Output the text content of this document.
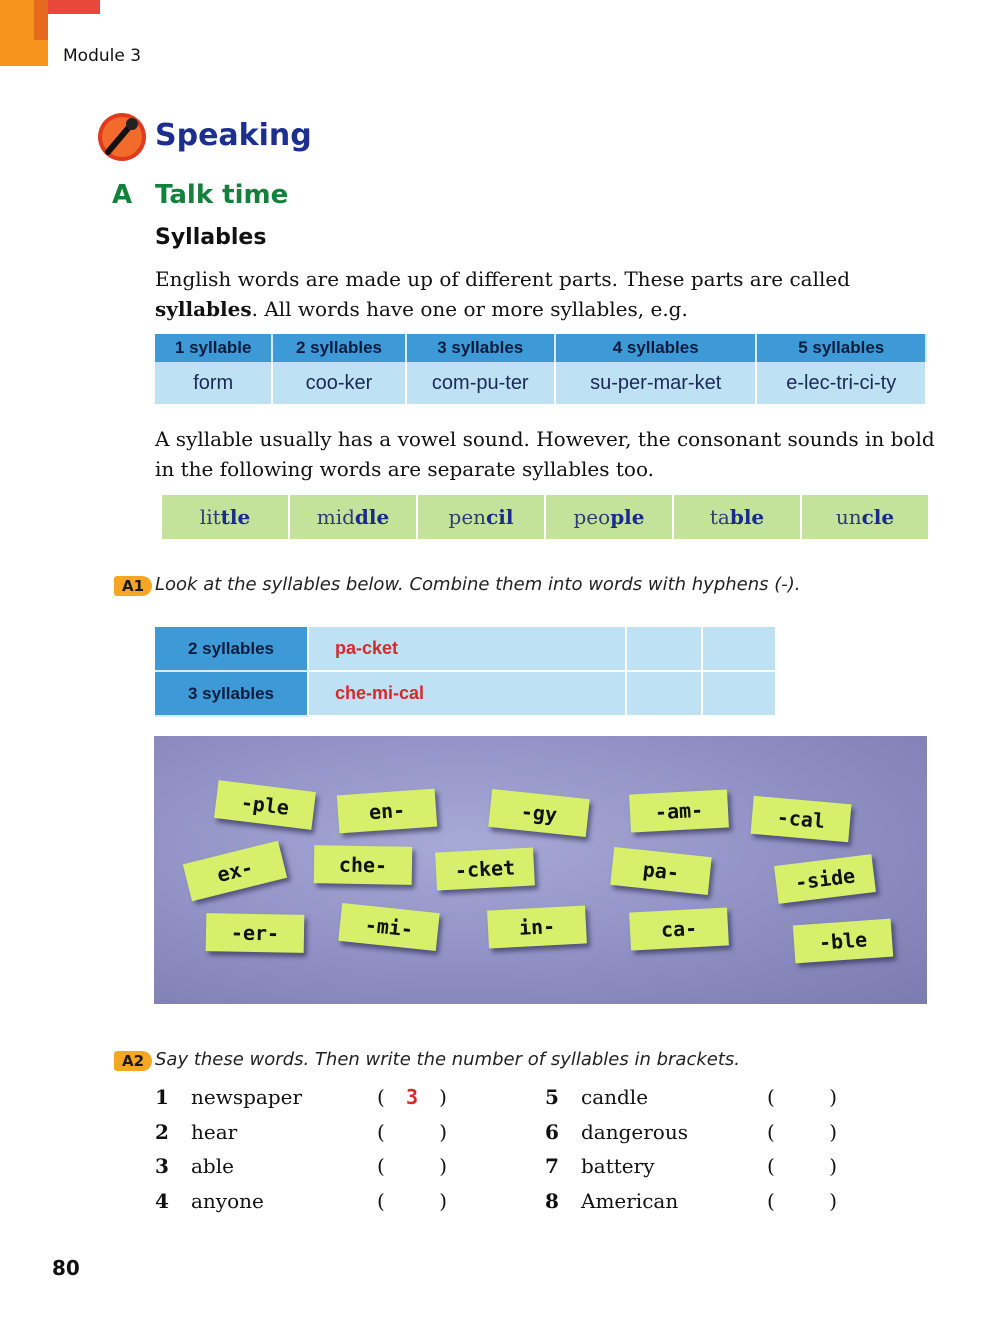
Module 3
Speaking
A Talk time
Syllables
English words are made up of different parts. These parts are called syllables. All words have one or more syllables, e.g.
1 syllable	2 syllables	3 syllables	4 syllables	5 syllables
form	coo-ker	com-pu-ter	su-per-mar-ket	e-lec-tri-ci-ty
A syllable usually has a vowel sound. However, the consonant sounds in bold in the following words are separate syllables too.
lit tle	mid dle	pen cil	peo ple	ta ble	un cle
A1 Look at the syllables below. Combine them into words with hyphens (-).
2 syllables	pa-cket		
3 syllables	che-mi-cal		
-ple	en-	-gy	-am-	-cal
ex-	che-	-cket	pa-	-side
-er-	-mi-	in-	ca-	-ble
A2 Say these words. Then write the number of syllables in brackets.
1 newspaper	( 3 )
2 hear	(	)
3 able	(	)
4 anyone	(	)
5 candle	(	)
6 dangerous	(	)
7 battery	(	)
8 American	(	)
80
